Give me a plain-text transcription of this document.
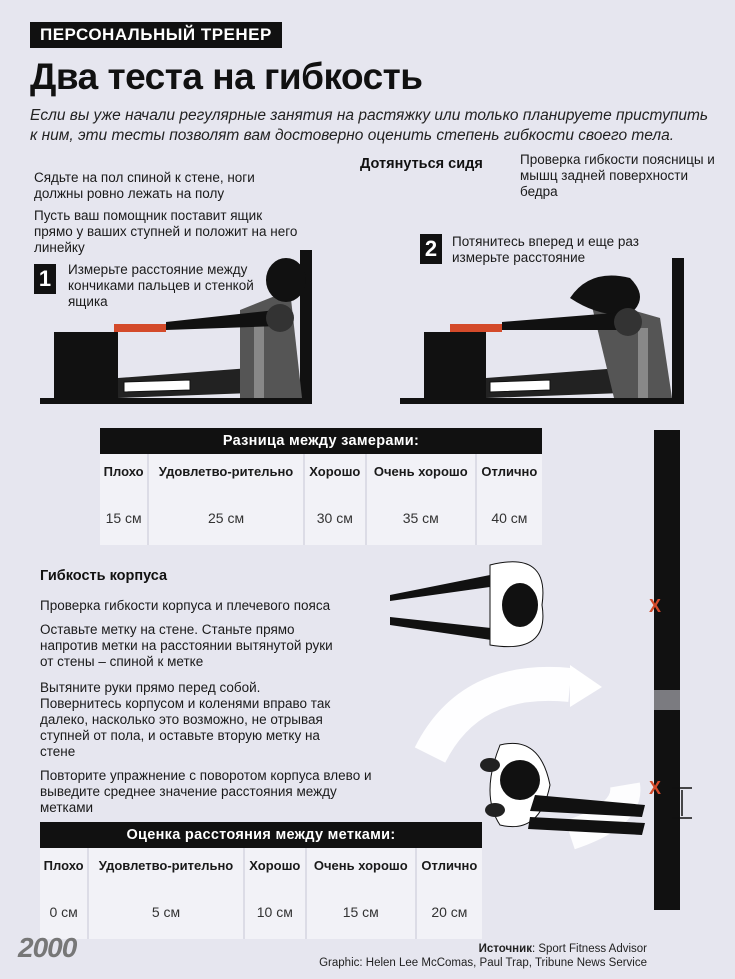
ПЕРСОНАЛЬНЫЙ ТРЕНЕР
Два теста на гибкость
Если вы уже начали регулярные занятия на растяжку или только планируете приступить к ним, эти тесты позволят вам достоверно оценить степень гибкости своего тела.
Сядьте на пол спиной к стене, ноги должны ровно лежать на полу
Пусть ваш помощник поставит ящик прямо у ваших ступней и положит на него линейку
Дотянуться сидя	Проверка гибкости поясницы и мышц задней поверхности бедра
1	Измерьте расстояние между кончиками пальцев и стенкой ящика
2	Потянитесь вперед и еще раз измерьте расстояние
Разница между замерами:				
Плохо	Удовлетво-рительно	Хорошо	Очень хорошо	Отлично
15 см	25 см	30 см	35 см	40 см
X
X
Гибкость корпуса
Проверка гибкости корпуса и плечевого пояса
Оставьте метку на стене. Станьте прямо напротив метки на расстоянии вытянутой руки от стены – спиной к метке
Вытяните руки прямо перед собой. Повернитесь корпусом и коленями вправо так далеко, насколько это возможно, не отрывая ступней от пола, и оставьте вторую метку на стене
Повторите упражнение с поворотом корпуса влево и выведите среднее значение расстояния между метками
Оценка расстояния между метками:				
Плохо	Удовлетво-рительно	Хорошо	Очень хорошо	Отлично
0 см	5 см	10 см	15 см	20 см
2000	Источник: Sport Fitness Advisor
Graphic: Helen Lee McComas, Paul Trap, Tribune News Service
